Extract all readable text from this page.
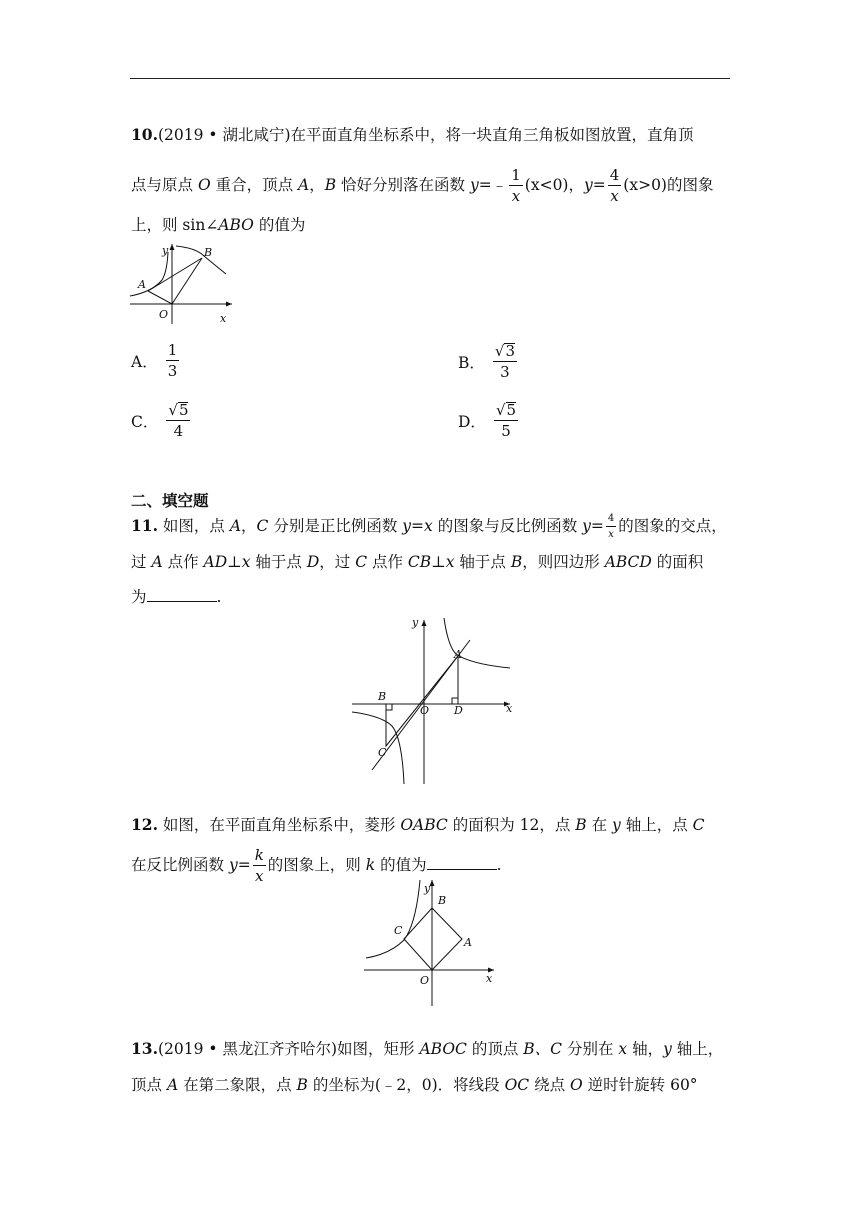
10.(2019 • 湖北咸宁)在平面直角坐标系中，将一块直角三角板如图放置，直角顶
点与原点 O 重合，顶点 A，B 恰好分别落在函数 y=﹣ $\frac{1}{x} (x<0)$，$y= \frac{4}{x} (x>0)$的图象
上，则 sin∠ABO 的值为
y	B
A
O	x
A． $\frac{1}{3}$	B． $\frac{√3}{3}$
C． $\frac{√5}{4}$	D． $\frac{√5}{5}$
二、填空题
11. 如图，点 A，C 分别是正比例函数 y=x 的图象与反比例函数 $y= \frac{4}{x}$ 的图象的交点，
过 A 点作 AD⊥x 轴于点 D，过 C 点作 CB⊥x 轴于点 B，则四边形 ABCD 的面积
为	.
y
A
B
O D	x
C
12. 如图，在平面直角坐标系中，菱形 OABC 的面积为 12，点 B 在 y 轴上，点 C
在反比例函数 $y= \frac{k}{x}$ 的图象上，则 k 的值为	.
y
B
C
A
O	x
13.(2019 • 黑龙江齐齐哈尔)如图，矩形 ABOC 的顶点 B、C 分别在 x 轴，y 轴上，
顶点 A 在第二象限，点 B 的坐标为(﹣2，0)．将线段 OC 绕点 O 逆时针旋转 60°
